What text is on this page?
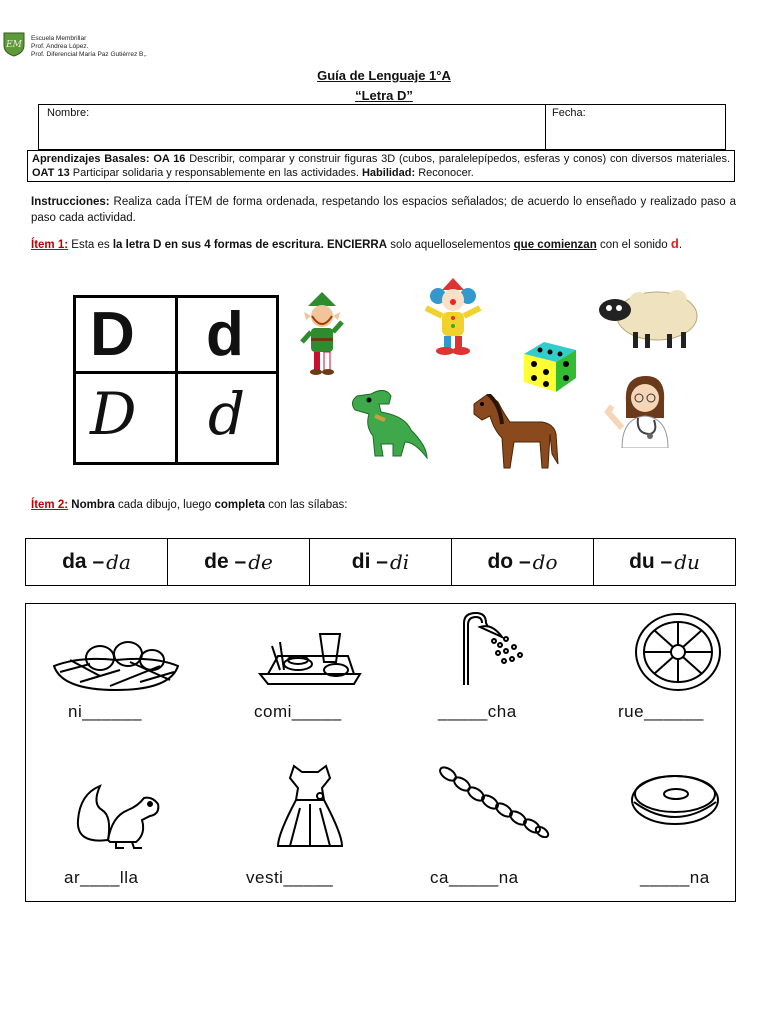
EM
Escuela Membrillar
Prof. Andrea López.
Prof. Diferencial María Paz Gutiérrez B,.
Guía de Lenguaje 1°A
“Letra D”
Nombre:	Fecha:
Aprendizajes Basales: OA 16 Describir, comparar y construir figuras 3D (cubos, paralelepípedos, esferas y conos) con diversos materiales. OAT 13 Participar solidaria y responsablemente en las actividades. Habilidad: Reconocer.
Instrucciones: Realiza cada ÍTEM de forma ordenada, respetando los espacios señalados; de acuerdo lo enseñado y realizado paso a paso cada actividad.
Ítem 1: Esta es la letra D en sus 4 formas de escritura. ENCIERRA solo aquelloselementos que comienzan con el sonido d.
D d
D d
Ítem 2: Nombra cada dibujo, luego completa con las sílabas:
da – da	de – de	di – di	do – do	du – du
ni______	comi_____	_____cha	rue______
ar____lla	vesti_____	ca_____na	_____na
